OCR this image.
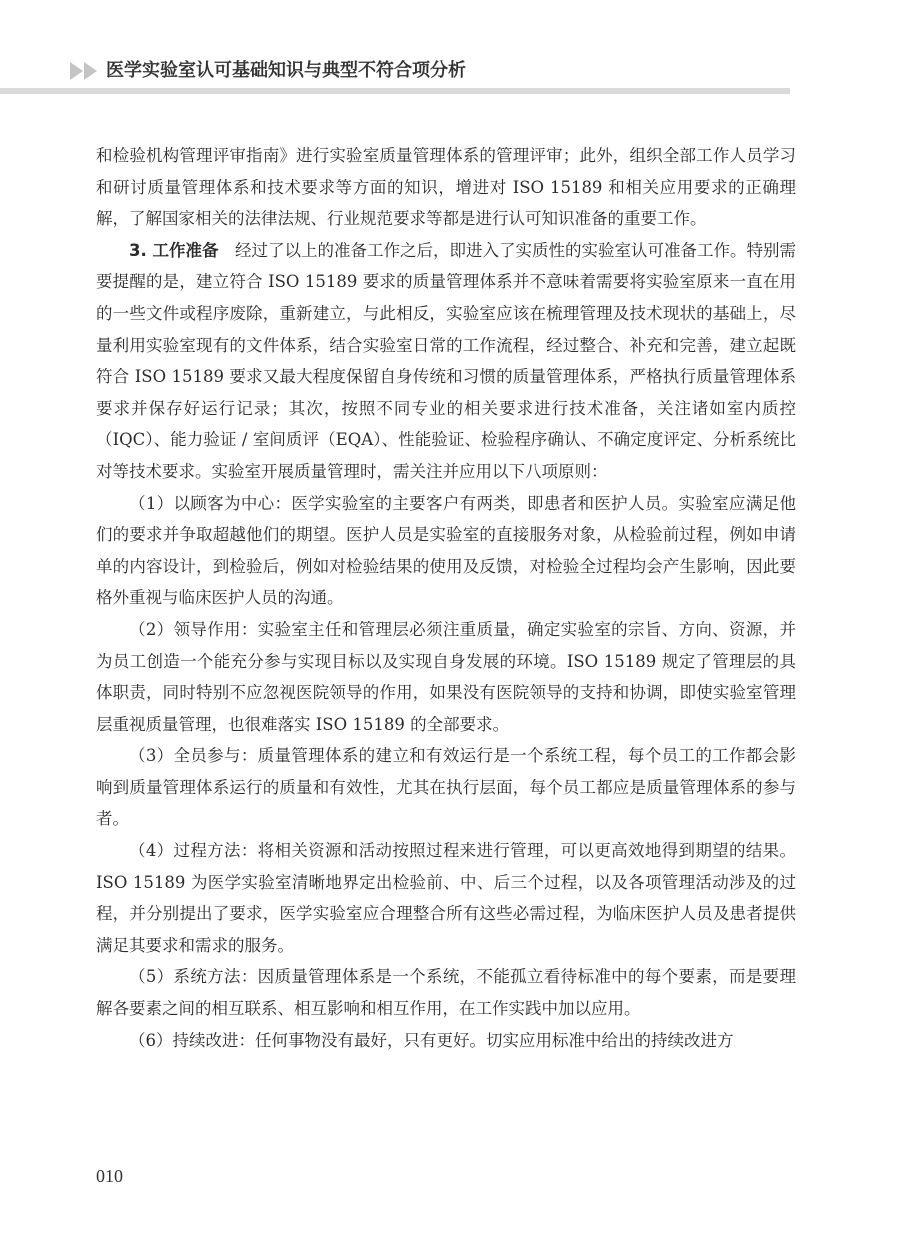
医学实验室认可基础知识与典型不符合项分析

和检验机构管理评审指南》进行实验室质量管理体系的管理评审；此外，组织全部工作人员学习和研讨质量管理体系和技术要求等方面的知识，增进对 ISO 15189 和相关应用要求的正确理解，了解国家相关的法律法规、行业规范要求等都是进行认可知识准备的重要工作。

3. 工作准备　 经过了以上的准备工作之后，即进入了实质性的实验室认可准备工作。特别需要提醒的是，建立符合 ISO 15189 要求的质量管理体系并不意味着需要将实验室原来一直在用的一些文件或程序废除，重新建立，与此相反，实验室应该在梳理管理及技术现状的基础上，尽量利用实验室现有的文件体系，结合实验室日常的工作流程，经过整合、补充和完善，建立起既符合 ISO 15189 要求又最大程度保留自身传统和习惯的质量管理体系，严格执行质量管理体系要求并保存好运行记录；其次，按照不同专业的相关要求进行技术准备，关注诸如室内质控（IQC）、能力验证 / 室间质评（EQA）、性能验证、检验程序确认、不确定度评定、分析系统比对等技术要求。实验室开展质量管理时，需关注并应用以下八项原则：

（1）以顾客为中心：医学实验室的主要客户有两类，即患者和医护人员。实验室应满足他们的要求并争取超越他们的期望。医护人员是实验室的直接服务对象，从检验前过程，例如申请单的内容设计，到检验后，例如对检验结果的使用及反馈，对检验全过程均会产生影响，因此要格外重视与临床医护人员的沟通。

（2）领导作用：实验室主任和管理层必须注重质量，确定实验室的宗旨、方向、资源，并为员工创造一个能充分参与实现目标以及实现自身发展的环境。ISO 15189 规定了管理层的具体职责，同时特别不应忽视医院领导的作用，如果没有医院领导的支持和协调，即使实验室管理层重视质量管理，也很难落实 ISO 15189 的全部要求。

（3）全员参与：质量管理体系的建立和有效运行是一个系统工程，每个员工的工作都会影响到质量管理体系运行的质量和有效性，尤其在执行层面，每个员工都应是质量管理体系的参与者。

（4）过程方法：将相关资源和活动按照过程来进行管理，可以更高效地得到期望的结果。ISO 15189 为医学实验室清晰地界定出检验前、中、后三个过程，以及各项管理活动涉及的过程，并分别提出了要求，医学实验室应合理整合所有这些必需过程，为临床医护人员及患者提供满足其要求和需求的服务。

（5）系统方法：因质量管理体系是一个系统，不能孤立看待标准中的每个要素，而是要理解各要素之间的相互联系、相互影响和相互作用，在工作实践中加以应用。

（6）持续改进：任何事物没有最好，只有更好。切实应用标准中给出的持续改进方

010
